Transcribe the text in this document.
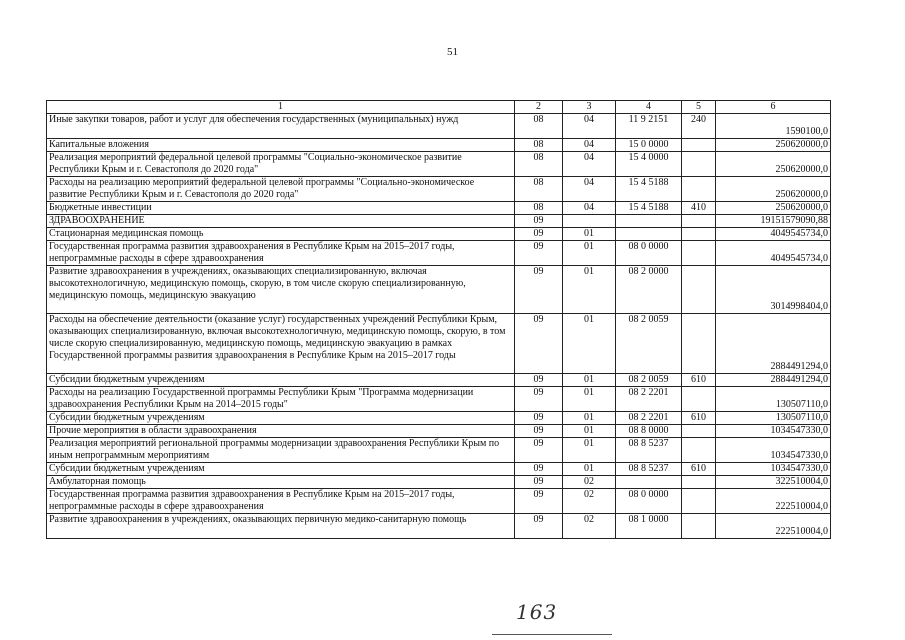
51
1	2	3	4	5	6
Иные закупки товаров, работ и услуг для обеспечения государственных (муниципальных) нужд	08	04	11 9 2151	240	1590100,0
Капитальные вложения	08	04	15 0 0000		250620000,0
Реализация мероприятий федеральной целевой программы "Социально-экономическое развитие Республики Крым и г. Севастополя до 2020 года"	08	04	15 4 0000		250620000,0
Расходы на реализацию мероприятий федеральной целевой программы "Социально-экономическое развитие Республики Крым и г. Севастополя до 2020 года"	08	04	15 4 5188		250620000,0
Бюджетные инвестиции	08	04	15 4 5188	410	250620000,0
ЗДРАВООХРАНЕНИЕ	09				19151579090,88
Стационарная медицинская помощь	09	01			4049545734,0
Государственная программа развития здравоохранения в Республике Крым на 2015–2017 годы, непрограммные расходы в сфере здравоохранения	09	01	08 0 0000		4049545734,0
Развитие здравоохранения в учреждениях, оказывающих специализированную, включая высокотехнологичную, медицинскую помощь, скорую, в том числе скорую специализированную, медицинскую помощь, медицинскую эвакуацию	09	01	08 2 0000		3014998404,0
Расходы на обеспечение деятельности (оказание услуг) государственных учреждений Республики Крым, оказывающих специализированную, включая высокотехнологичную, медицинскую помощь, скорую, в том числе скорую специализированную, медицинскую помощь, медицинскую эвакуацию в рамках Государственной программы развития здравоохранения в Республике Крым на 2015–2017 годы	09	01	08 2 0059		2884491294,0
Субсидии бюджетным учреждениям	09	01	08 2 0059	610	2884491294,0
Расходы на реализацию Государственной программы Республики Крым "Программа модернизации здравоохранения Республики Крым на 2014–2015 годы"	09	01	08 2 2201		130507110,0
Субсидии бюджетным учреждениям	09	01	08 2 2201	610	130507110,0
Прочие мероприятия в области здравоохранения	09	01	08 8 0000		1034547330,0
Реализация мероприятий региональной программы модернизации здравоохранения Республики Крым по иным непрограммным мероприятиям	09	01	08 8 5237		1034547330,0
Субсидии бюджетным учреждениям	09	01	08 8 5237	610	1034547330,0
Амбулаторная помощь	09	02			322510004,0
Государственная программа развития здравоохранения в Республике Крым на 2015–2017 годы, непрограммные расходы в сфере здравоохранения	09	02	08 0 0000		222510004,0
Развитие здравоохранения в учреждениях, оказывающих первичную медико-санитарную помощь	09	02	08 1 0000		222510004,0
163
